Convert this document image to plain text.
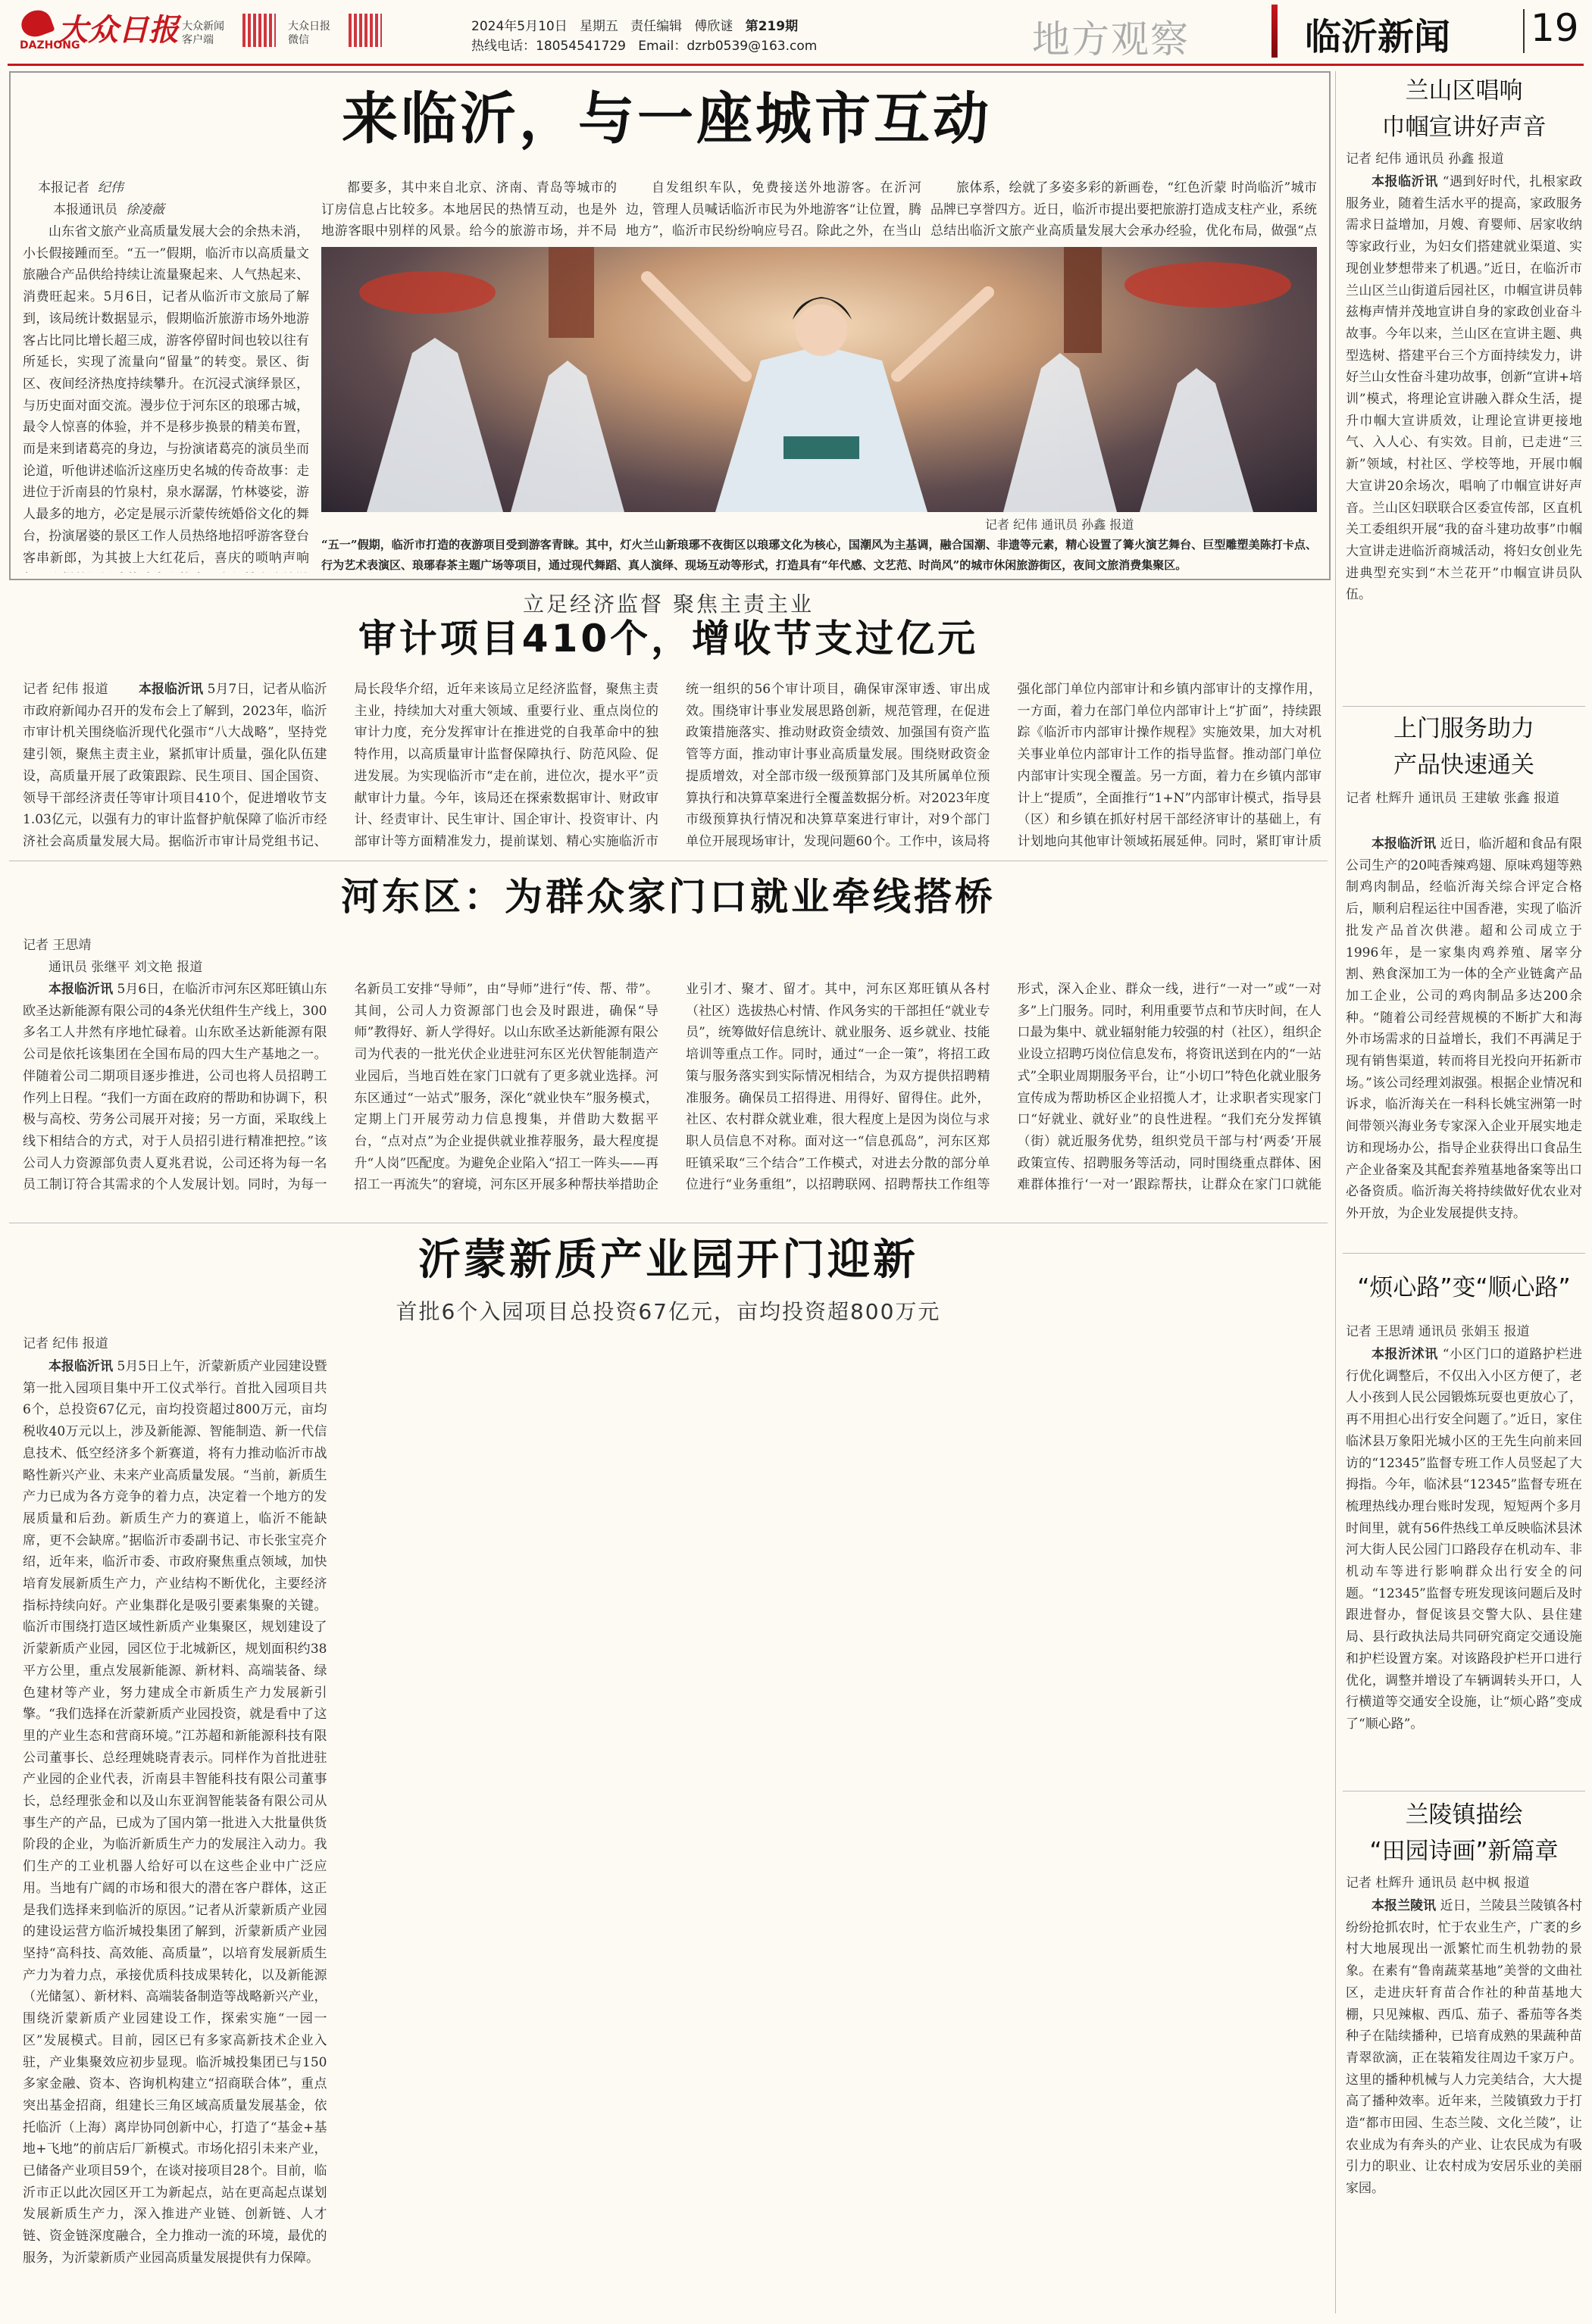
大众日报
DAZHONG
大众新闻客户端
大众日报微信
2024年5月10日 星期五 责任编辑 傅欣谜 第219期
热线电话：18054541729 Email：dzrb0539@163.com	地方观察	临沂新闻 19
来临沂，与一座城市互动
本报记者 纪伟
本报通讯员 徐凌薇

山东省文旅产业高质量发展大会的余热未消，小长假接踵而至。“五一”假期，临沂市以高质量文旅融合产品供给持续让流量聚起来、人气热起来、消费旺起来。5月6日，记者从临沂市文旅局了解到，该局统计数据显示，假期临沂旅游市场外地游客占比同比增长超三成，游客停留时间也较以往有所延长，实现了流量向“留量”的转变。景区、街区、夜间经济热度持续攀升。在沉浸式演绎景区，与历史面对面交流。漫步位于河东区的琅琊古城，最令人惊喜的体验，并不是移步换景的精美布置，而是来到诸葛亮的身边，与扮演诸葛亮的演员坐而论道，听他讲述临沂这座历史名城的传奇故事：走进位于沂南县的竹泉村，泉水潺潺，竹林婆娑，游人最多的地方，必定是展示沂蒙传统婚俗文化的舞台，扮演屠婆的景区工作人员热络地招呼游客登台客串新郎，为其披上大红花后，喜庆的唢呐声响

都要多，其中来自北京、济南、青岛等城市的订房信息占比较多。本地居民的热情互动，也是外地游客眼中别样的风景。给今的旅游市场，并不局

自发组织车队，免费接送外地游客。在沂河边，管理人员喊话临沂市民为外地游客“让位置，腾地方”，临沂市民纷纷响应号召。除此之外，在当山

旅体系，绘就了多姿多彩的新画卷，“红色沂蒙 时尚临沂”城市品牌已享誉四方。近日，临沂市提出要把旅游打造成支柱产业，系统总结出临沂文旅产业高质量发展大会承办经验，优化布局，做强“点

记者 纪伟 通讯员 孙鑫 报道
“五一”假期，临沂市打造的夜游项目受到游客青睐。其中，灯火兰山新琅琊不夜街区以琅琊文化为核心，国潮风为主基调，融合国潮、非遗等元素，精心设置了篝火演艺舞台、巨型雕塑美陈打卡点、行为艺术表演区、琅琊春茶主题广场等项目，通过现代舞蹈、真人演绎、现场互动等形式，打造具有“年代感、文艺范、时尚风”的城市休闲旅游街区，夜间文旅消费集聚区。
兰山区唱响
巾帼宣讲好声音
记者 纪伟 通讯员 孙鑫 报道

本报临沂讯 “遇到好时代，扎根家政服务业，随着生活水平的提高，家政服务需求日益增加，月嫂、育婴师、居家收纳等家政行业，为妇女们搭建就业渠道、实现创业梦想带来了机遇。”近日，在临沂市兰山区兰山街道后园社区，巾帼宣讲员韩兹梅声情并茂地宣讲自身的家政创业奋斗故事。今年以来，兰山区在宣讲主题、典型选树、搭建平台三个方面持续发力，讲好兰山女性奋斗建功故事，创新“宣讲+培训”模式，将理论宣讲融入群众生活，提升巾帼大宣讲质效，让理论宣讲更接地气、入人心、有实效。目前，已走进“三新”领域，村社区、学校等地，开展巾帼大宣讲20余场次，唱响了巾帼宣讲好声音。兰山区妇联联合区委宣传部，区直机关工委组织开展“我的奋斗建功故事”巾帼大宣讲走进临沂商城活动，将妇女创业先进典型充实到“木兰花开”巾帼宣讲员队伍。

上门服务助力
产品快速通关
记者 杜辉升 通讯员 王建敏 张鑫 报道

本报临沂讯 近日，临沂超和食品有限公司生产的20吨香辣鸡翅、原味鸡翅等熟制鸡肉制品，经临沂海关综合评定合格后，顺利启程运往中国香港，实现了临沂批发产品首次供港。超和公司成立于1996年，是一家集肉鸡养殖、屠宰分割、熟食深加工为一体的全产业链禽产品加工企业，公司的鸡肉制品多达200余种。“随着公司经营规模的不断扩大和海外市场需求的日益增长，我们不再满足于现有销售渠道，转而将目光投向开拓新市场。”该公司经理刘淑强。根据企业情况和诉求，临沂海关在一科科长姚宝洲第一时间带领兴海业务专家深入企业开展实地走访和现场办公，指导企业获得出口食品生产企业备案及其配套养殖基地备案等出口必备资质。临沂海关将持续做好优农业对外开放，为企业发展提供支持。

“烦心路”变“顺心路”
记者 王思靖 通讯员 张娟玉 报道

本报沂沭讯 “小区门口的道路护栏进行优化调整后，不仅出入小区方便了，老人小孩到人民公园锻炼玩耍也更放心了，再不用担心出行安全问题了。”近日，家住临沭县万象阳光城小区的王先生向前来回访的“12345”监督专班工作人员竖起了大拇指。今年，临沭县“12345”监督专班在梳理热线办理台账时发现，短短两个多月时间里，就有56件热线工单反映临沭县沭河大街人民公园门口路段存在机动车、非机动车等进行影响群众出行安全的问题。“12345”监督专班发现该问题后及时跟进督办，督促该县交警大队、县住建局、县行政执法局共同研究商定交通设施和护栏设置方案。对该路段护栏开口进行优化，调整并增设了车辆调转头开口，人行横道等交通安全设施，让“烦心路”变成了“顺心路”。

兰陵镇描绘
“田园诗画”新篇章
记者 杜辉升 通讯员 赵中枫 报道

本报兰陵讯 近日，兰陵县兰陵镇各村纷纷抢抓农时，忙于农业生产，广袤的乡村大地展现出一派繁忙而生机勃勃的景象。在素有“鲁南蔬菜基地”美誉的文曲社区，走进庆轩育苗合作社的种苗基地大棚，只见辣椒、西瓜、茄子、番茄等各类种子在陆续播种，已培育成熟的果蔬种苗青翠欲滴，正在装箱发往周边千家万户。这里的播种机械与人力完美结合，大大提高了播种效率。近年来，兰陵镇致力于打造“都市田园、生态兰陵、文化兰陵”，让农业成为有奔头的产业、让农民成为有吸引力的职业、让农村成为安居乐业的美丽家园。

立足经济监督 聚焦主责主业
审计项目410个，增收节支过亿元
记者 纪伟 报道	本报临沂讯 5月7日，记者从临沂市政府新闻办召开的发布会上了解到，2023年，临沂市审计机关围绕临沂现代化强市“八大战略”，坚持党建引领，聚焦主责主业，紧抓审计质量，强化队伍建设，高质量开展了政策跟踪、民生项目、国企国资、领导干部经济责任等审计项目410个，促进增收节支1.03亿元，以强有力的审计监督护航保障了临沂市经济社会高质量发展大局。据临沂市审计局党组书记、局长段华介绍，近年来该局立足经济监督，聚焦主责主业，持续加大对重大领域、重要行业、重点岗位的审计力度，充分发挥审计在推进党的自我革命中的独特作用，以高质量审计监督保障执行、防范风险、促进发展。为实现临沂市“走在前，进位次，提水平”贡献审计力量。今年，该局还在探索数据审计、财政审计、经责审计、民生审计、国企审计、投资审计、内部审计等方面精准发力，提前谋划、精心实施临沂市统一组织的56个审计项目，确保审深审透、审出成效。围绕审计事业发展思路创新，规范管理，在促进政策措施落实、推动财政资金绩效、加强国有资产监管等方面，推动审计事业高质量发展。围绕财政资金提质增效，对全部市级一级预算部门及其所属单位预算执行和决算草案进行全覆盖数据分析。对2023年度市级预算执行情况和决算草案进行审计，对9个部门单位开展现场审计，发现问题60个。工作中，该局将强化部门单位内部审计和乡镇内部审计的支撑作用，一方面，着力在部门单位内部审计上“扩面”，持续跟踪《临沂市内部审计操作规程》实施效果，加大对机关事业单位内部审计工作的指导监督。推动部门单位内部审计实现全覆盖。另一方面，着力在乡镇内部审计上“提质”，全面推行“1+N”内部审计模式，指导县（区）和乡镇在抓好村居干部经济审计的基础上，有计划地向其他审计领域拓展延伸。同时，紧盯审计质

河东区：为群众家门口就业牵线搭桥
记者 王思靖
通讯员 张继平 刘文艳 报道

本报临沂讯 5月6日，在临沂市河东区郑旺镇山东欧圣达新能源有限公司的4条光伏组件生产线上，300多名工人井然有序地忙碌着。山东欧圣达新能源有限公司是依托该集团在全国布局的四大生产基地之一。伴随着公司二期项目逐步推进，公司也将人员招聘工作列上日程。“我们一方面在政府的帮助和协调下，积极与高校、劳务公司展开对接；另一方面，采取线上线下相结合的方式，对于人员招引进行精准把控。”该公司人力资源部负责人夏兆君说，公司还将为每一名员工制订符合其需求的个人发展计划。同时，为每一名新员工安排“导师”，由“导师”进行“传、帮、带”。其间，公司人力资源部门也会及时跟进，确保“导师”教得好、新人学得好。以山东欧圣达新能源有限公司为代表的一批光伏企业进驻河东区光伏智能制造产业园后，当地百姓在家门口就有了更多就业选择。河东区通过“一站式”服务，深化“就业快车”服务模式，定期上门开展劳动力信息搜集，并借助大数据平台，“点对点”为企业提供就业推荐服务，最大程度提升“人岗”匹配度。为避免企业陷入“招工一阵头——再招工一再流失”的窘境，河东区开展多种帮扶举措助企业引才、聚才、留才。其中，河东区郑旺镇从各村（社区）选拔热心村情、作风务实的干部担任“就业专员”，统筹做好信息统计、就业服务、返乡就业、技能培训等重点工作。同时，通过“一企一策”，将招工政策与服务落实到实际情况相结合，为双方提供招聘精准服务。确保员工招得进、用得好、留得住。此外，社区、农村群众就业难，很大程度上是因为岗位与求职人员信息不对称。面对这一“信息孤岛”，河东区郑旺镇采取“三个结合”工作模式，对进去分散的部分单位进行“业务重组”，以招聘联网、招聘帮扶工作组等形式，深入企业、群众一线，进行“一对一”或“一对多”上门服务。同时，利用重要节点和节庆时间，在人口最为集中、就业辐射能力较强的村（社区），组织企业设立招聘巧岗位信息发布，将资讯送到在内的“一站式”全职业周期服务平台，让“小切口”特色化就业服务宣传成为帮助桥区企业招揽人才，让求职者实现家门口“好就业、就好业”的良性进程。“我们充分发挥镇（街）就近服务优势，组织党员干部与村‘两委’开展政策宣传、招聘服务等活动，同时围绕重点群体、困难群体推行‘一对一’跟踪帮扶，让群众在家门口就能

沂蒙新质产业园开门迎新
首批6个入园项目总投资67亿元，亩均投资超800万元
记者 纪伟 报道

本报临沂讯 5月5日上午，沂蒙新质产业园建设暨第一批入园项目集中开工仪式举行。首批入园项目共6个，总投资67亿元，亩均投资超过800万元，亩均税收40万元以上，涉及新能源、智能制造、新一代信息技术、低空经济多个新赛道，将有力推动临沂市战略性新兴产业、未来产业高质量发展。“当前，新质生产力已成为各方竞争的着力点，决定着一个地方的发展质量和后劲。新质生产力的赛道上，临沂不能缺席，更不会缺席。”据临沂市委副书记、市长张宝亮介绍，近年来，临沂市委、市政府聚焦重点领域，加快培育发展新质生产力，产业结构不断优化，主要经济指标持续向好。产业集群化是吸引要素集聚的关键。临沂市围绕打造区域性新质产业集聚区，规划建设了沂蒙新质产业园，园区位于北城新区，规划面积约38平方公里，重点发展新能源、新材料、高端装备、绿色建材等产业，努力建成全市新质生产力发展新引擎。“我们选择在沂蒙新质产业园投资，就是看中了这里的产业生态和营商环境。”江苏超和新能源科技有限公司董事长、总经理姚晓青表示。同样作为首批进驻产业园的企业代表，沂南县丰智能科技有限公司董事长，总经理张金和以及山东亚润智能装备有限公司从事生产的产品，已成为了国内第一批进入大批量供货阶段的企业，为临沂新质生产力的发展注入动力。我们生产的工业机器人给好可以在这些企业中广泛应用。当地有广阔的市场和很大的潜在客户群体，这正是我们选择来到临沂的原因。”记者从沂蒙新质产业园的建设运营方临沂城投集团了解到，沂蒙新质产业园坚持“高科技、高效能、高质量”，以培育发展新质生产力为着力点，承接优质科技成果转化，以及新能源（光储氢）、新材料、高端装备制造等战略新兴产业，围绕沂蒙新质产业园建设工作，探索实施“一园一区”发展模式。目前，园区已有多家高新技术企业入驻，产业集聚效应初步显现。临沂城投集团已与150多家金融、资本、咨询机构建立“招商联合体”，重点突出基金招商，组建长三角区域高质量发展基金，依托临沂（上海）离岸协同创新中心，打造了“基金+基地+飞地”的前店后厂新模式。市场化招引未来产业，已储备产业项目59个，在谈对接项目28个。目前，临沂市正以此次园区开工为新起点，站在更高起点谋划发展新质生产力，深入推进产业链、创新链、人才链、资金链深度融合，全力推动一流的环境，最优的服务，为沂蒙新质产业园高质量发展提供有力保障。
